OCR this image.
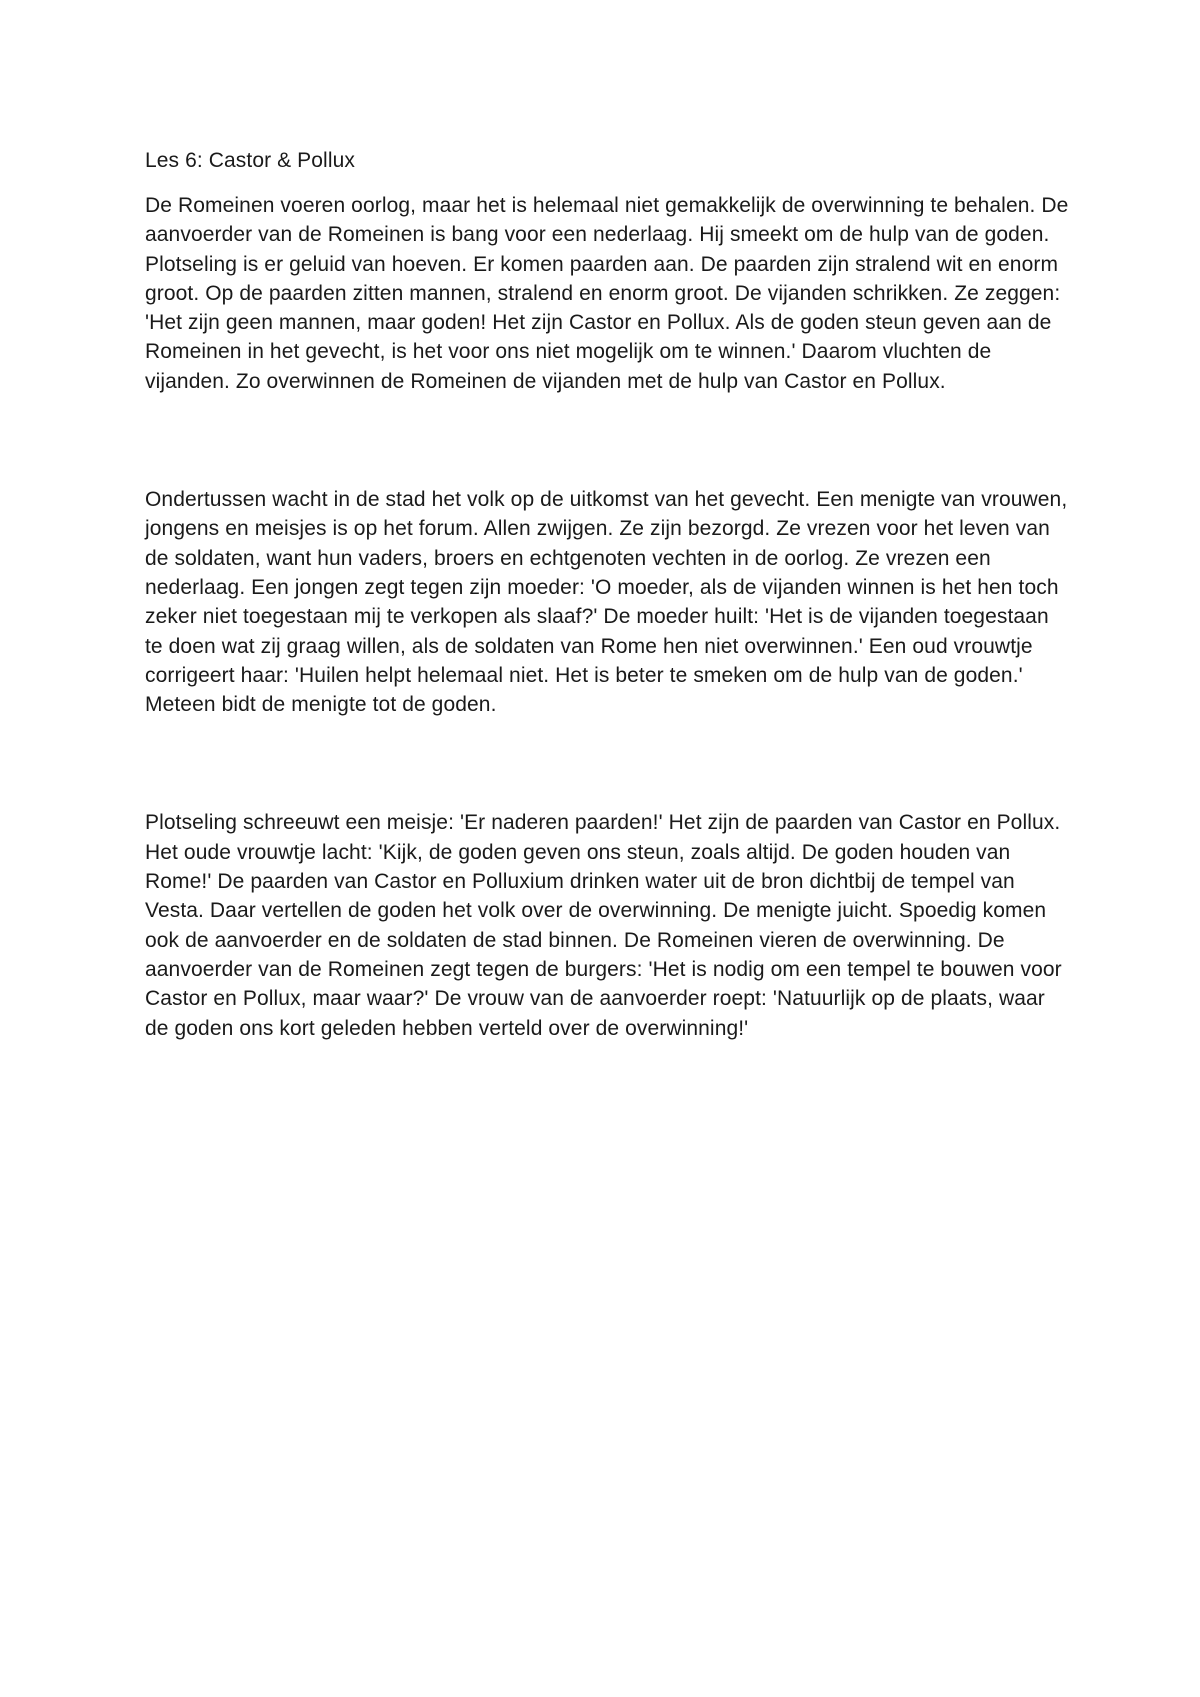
Les 6: Castor & Pollux

De Romeinen voeren oorlog, maar het is helemaal niet gemakkelijk de overwinning te behalen. De aanvoerder van de Romeinen is bang voor een nederlaag. Hij smeekt om de hulp van de goden. Plotseling is er geluid van hoeven. Er komen paarden aan. De paarden zijn stralend wit en enorm groot. Op de paarden zitten mannen, stralend en enorm groot. De vijanden schrikken. Ze zeggen: 'Het zijn geen mannen, maar goden! Het zijn Castor en Pollux. Als de goden steun geven aan de Romeinen in het gevecht, is het voor ons niet mogelijk om te winnen.' Daarom vluchten de vijanden. Zo overwinnen de Romeinen de vijanden met de hulp van Castor en Pollux.

Ondertussen wacht in de stad het volk op de uitkomst van het gevecht. Een menigte van vrouwen, jongens en meisjes is op het forum. Allen zwijgen. Ze zijn bezorgd. Ze vrezen voor het leven van de soldaten, want hun vaders, broers en echtgenoten vechten in de oorlog. Ze vrezen een nederlaag. Een jongen zegt tegen zijn moeder: 'O moeder, als de vijanden winnen is het hen toch zeker niet toegestaan mij te verkopen als slaaf?' De moeder huilt: 'Het is de vijanden toegestaan te doen wat zij graag willen, als de soldaten van Rome hen niet overwinnen.' Een oud vrouwtje corrigeert haar: 'Huilen helpt helemaal niet. Het is beter te smeken om de hulp van de goden.' Meteen bidt de menigte tot de goden.

Plotseling schreeuwt een meisje: 'Er naderen paarden!' Het zijn de paarden van Castor en Pollux. Het oude vrouwtje lacht: 'Kijk, de goden geven ons steun, zoals altijd. De goden houden van Rome!' De paarden van Castor en Polluxium drinken water uit de bron dichtbij de tempel van Vesta. Daar vertellen de goden het volk over de overwinning. De menigte juicht. Spoedig komen ook de aanvoerder en de soldaten de stad binnen. De Romeinen vieren de overwinning. De aanvoerder van de Romeinen zegt tegen de burgers: 'Het is nodig om een tempel te bouwen voor Castor en Pollux, maar waar?' De vrouw van de aanvoerder roept: 'Natuurlijk op de plaats, waar de goden ons kort geleden hebben verteld over de overwinning!'
